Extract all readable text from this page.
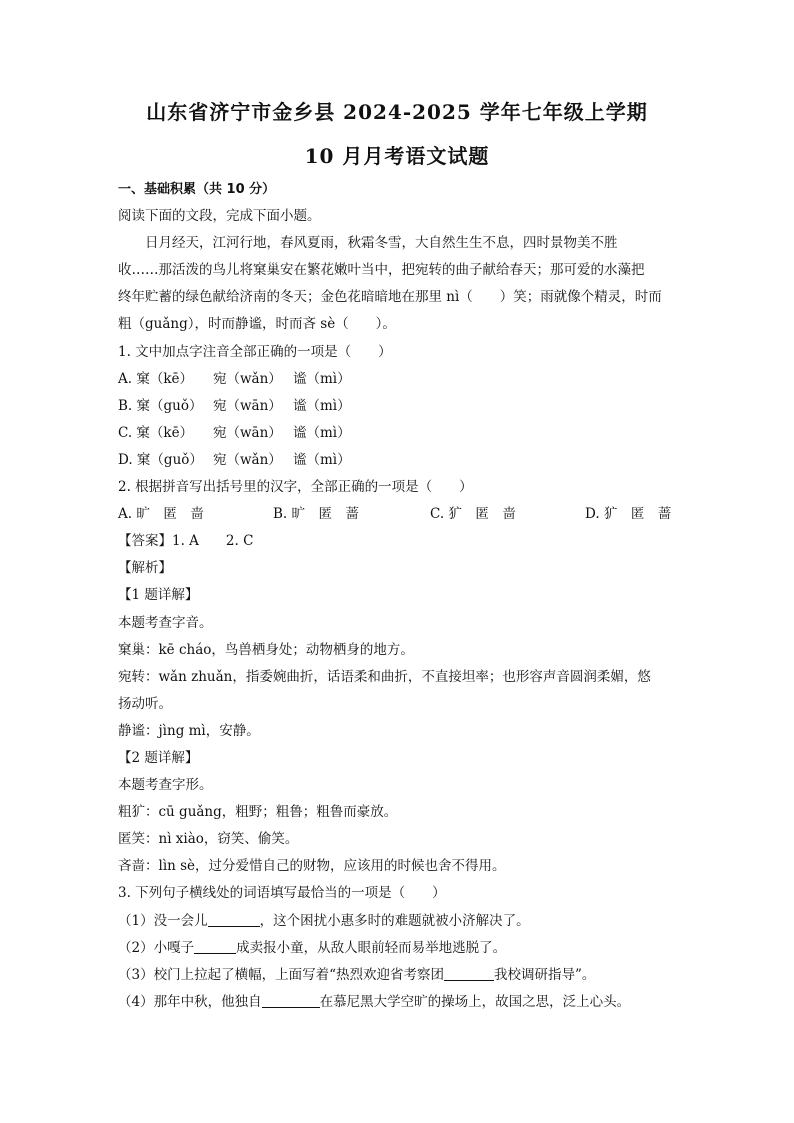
山东省济宁市金乡县 2024-2025 学年七年级上学期
10 月月考语文试题
一、基础积累（共 10 分）
阅读下面的文段，完成下面小题。
日月经天，江河行地，春风夏雨，秋霜冬雪，大自然生生不息，四时景物美不胜
收……那活泼的鸟儿将窠巢安在繁花嫩叶当中，把宛转的曲子献给春天；那可爱的水藻把
终年贮蓄的绿色献给济南的冬天；金色花暗暗地在那里 nì（　　）笑；雨就像个精灵，时而
粗（guǎng），时而静谧，时而吝 sè（　　）。
1. 文中加点字注音全部正确的一项是（　　）
A. 窠（kē）	宛（wǎn） 谧（mì）
B. 窠（guǒ） 宛（wān） 谧（mì）
C. 窠（kē）	宛（wān） 谧（mì）
D. 窠（guǒ） 宛（wǎn） 谧（mì）
2. 根据拼音写出括号里的汉字，全部正确的一项是（　　）
A. 旷　匿　啬	B. 旷　匿　蔷	C. 犷　匿　啬	D. 犷　匿　蔷
【答案】1. A　　2. C
【解析】
【1 题详解】
本题考查字音。
窠巢：kē cháo，鸟兽栖身处；动物栖身的地方。
宛转：wǎn zhuǎn，指委婉曲折，话语柔和曲折，不直接坦率；也形容声音圆润柔媚，悠
扬动听。
静谧：jìng mì，安静。
【2 题详解】
本题考查字形。
粗犷：cū guǎng，粗野；粗鲁；粗鲁而豪放。
匿笑：nì xiào，窃笑、偷笑。
吝啬：lìn sè，过分爱惜自己的财物，应该用的时候也舍不得用。
3. 下列句子横线处的词语填写最恰当的一项是（　　）
（1）没一会儿	，这个困扰小惠多时的难题就被小济解决了。
（2）小嘎子	成卖报小童，从敌人眼前轻而易举地逃脱了。
（3）校门上拉起了横幅，上面写着“热烈欢迎省考察团	我校调研指导”。
（4）那年中秋，他独自	在慕尼黑大学空旷的操场上，故国之思，泛上心头。
